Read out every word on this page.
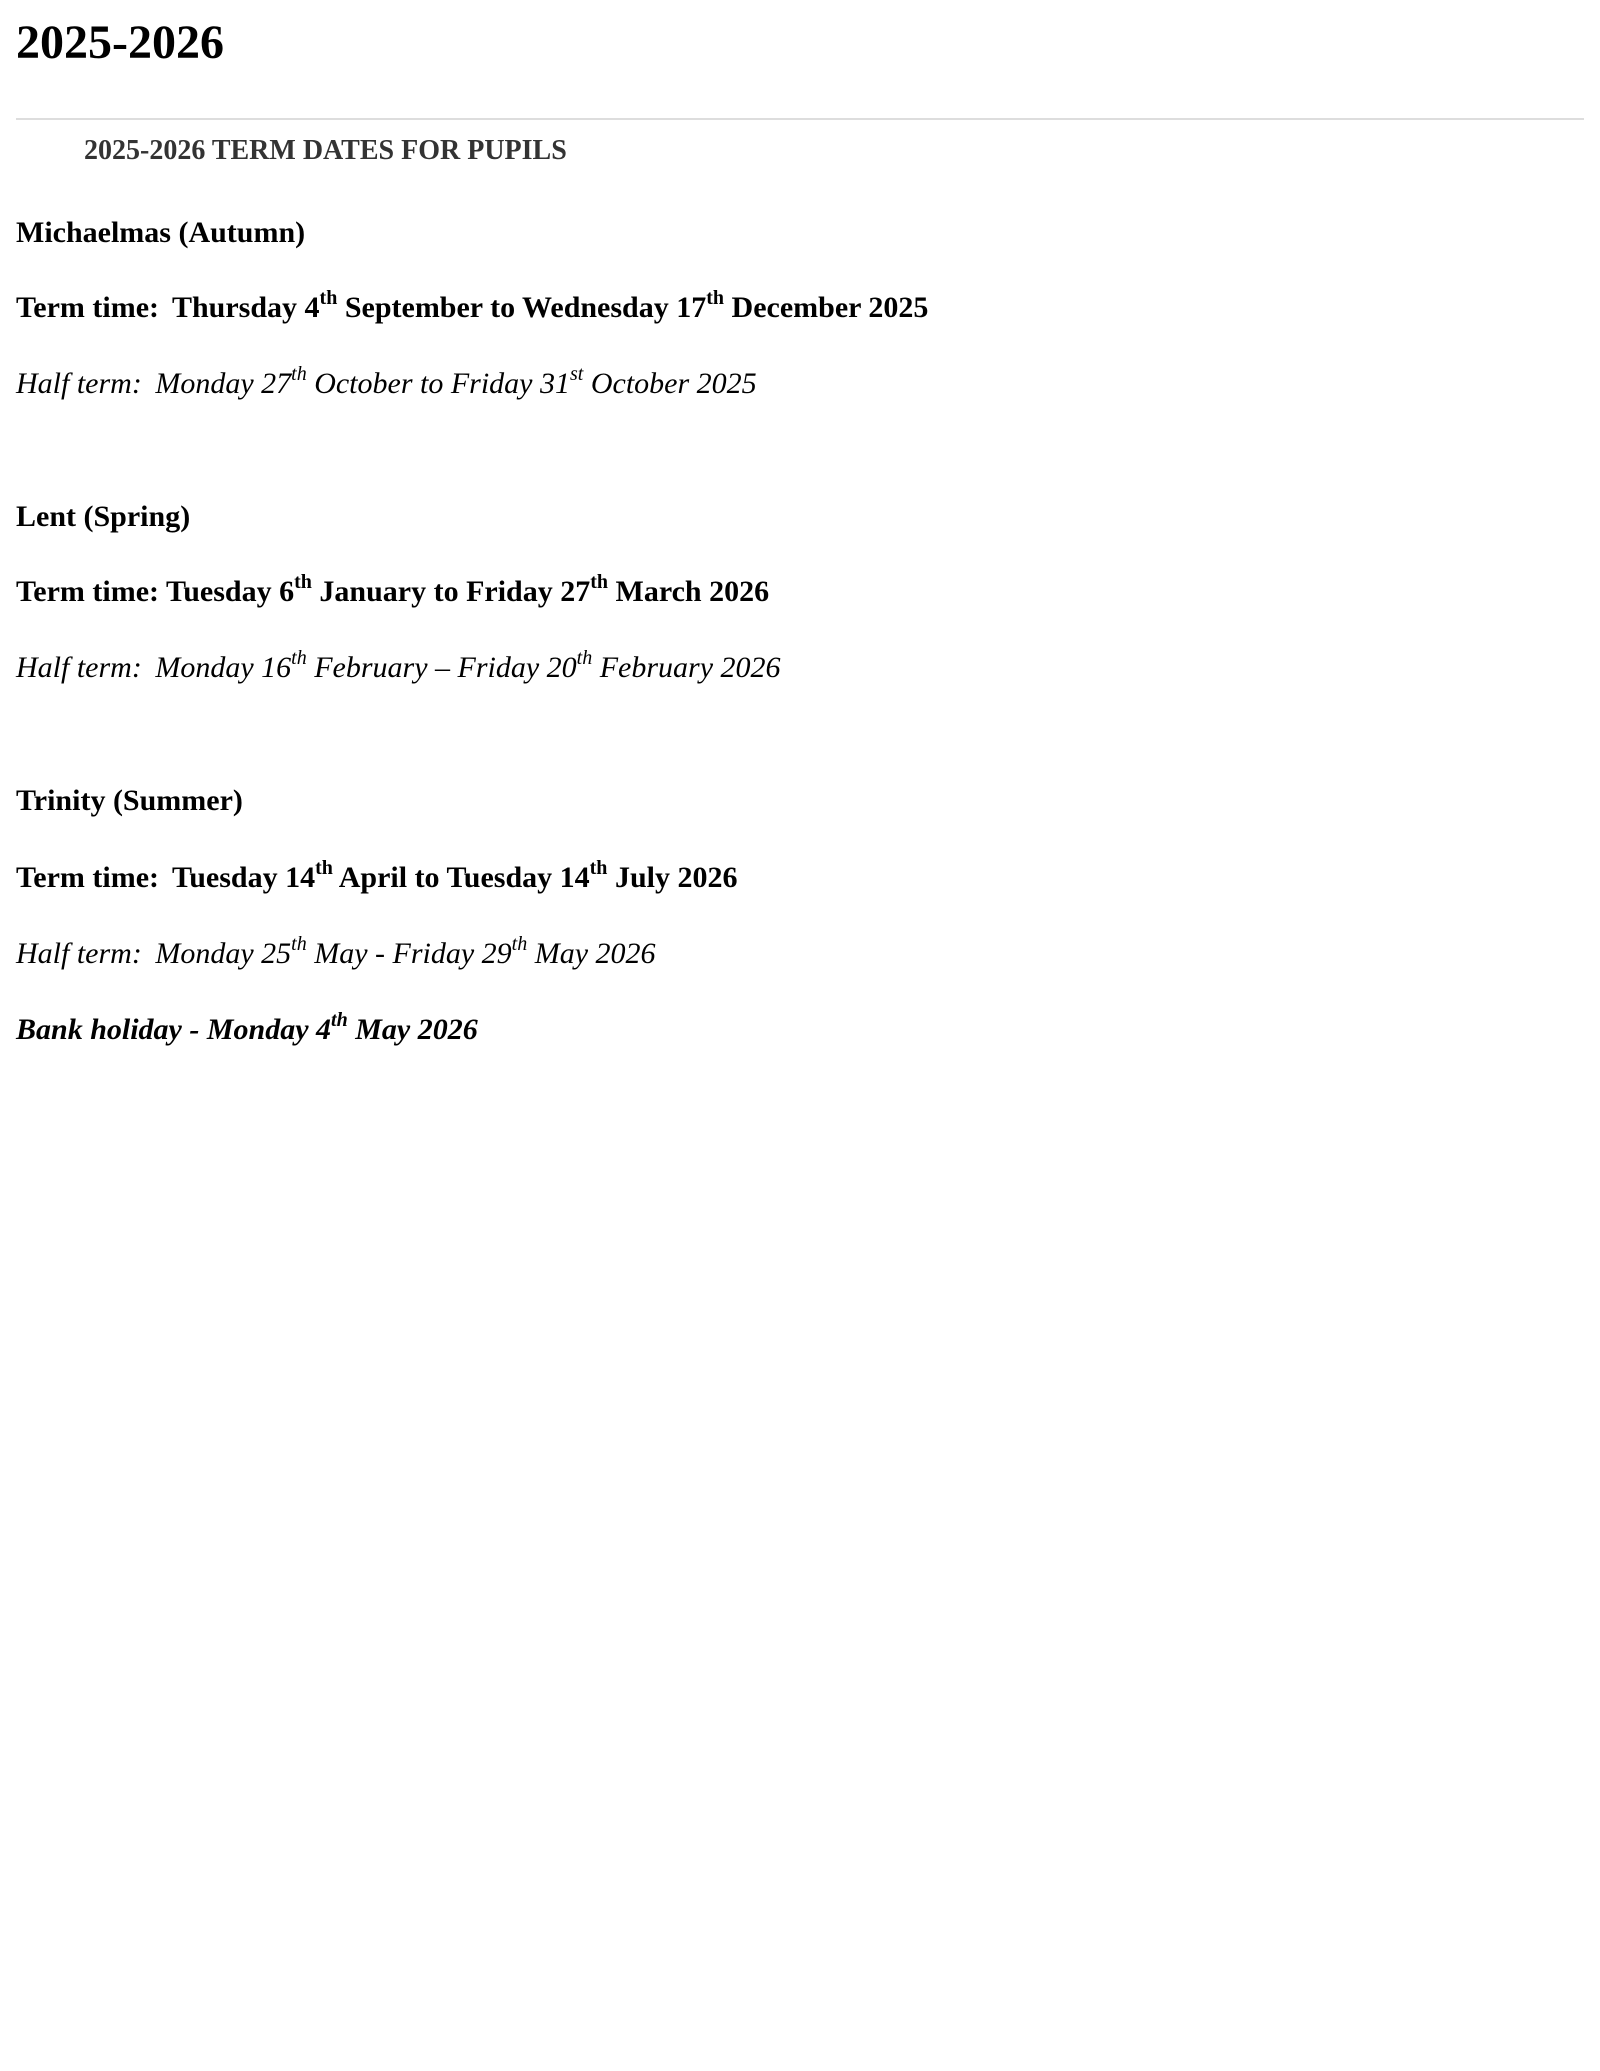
2025-2026
2025-2026 TERM DATES FOR PUPILS

Michaelmas (Autumn)

Term time: Thursday 4th September to Wednesday 17th December 2025

Half term: Monday 27th October to Friday 31st October 2025

Lent (Spring)

Term time: Tuesday 6th January to Friday 27th March 2026

Half term: Monday 16th February – Friday 20th February 2026

Trinity (Summer)

Term time: Tuesday 14th April to Tuesday 14th July 2026

Half term: Monday 25th May - Friday 29th May 2026

Bank holiday - Monday 4th May 2026
